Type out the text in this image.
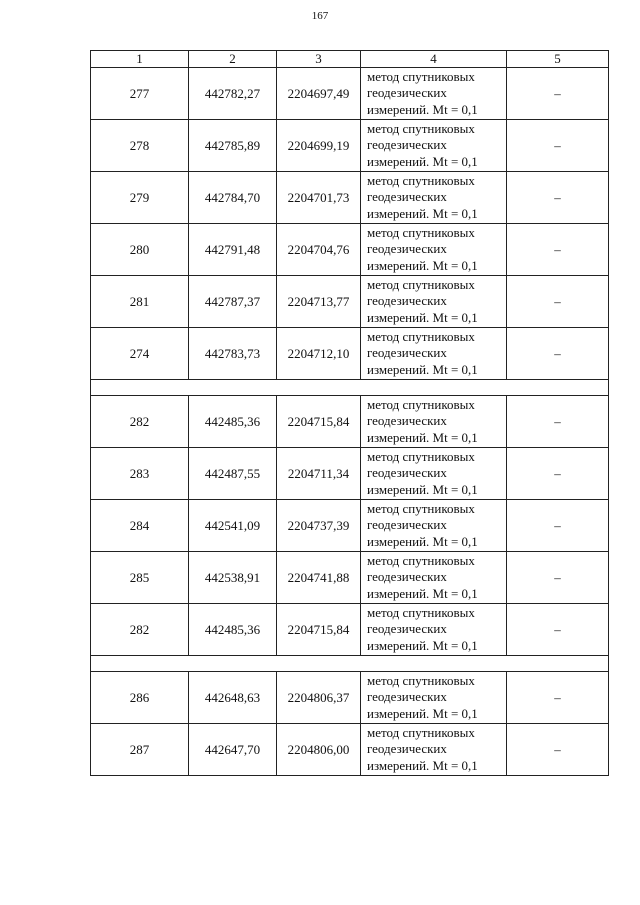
167
1	2	3	4	5
277	442782,27	2204697,49	метод спутниковых
геодезических
измерений. Mt = 0,1	–
278	442785,89	2204699,19	метод спутниковых
геодезических
измерений. Mt = 0,1	–
279	442784,70	2204701,73	метод спутниковых
геодезических
измерений. Mt = 0,1	–
280	442791,48	2204704,76	метод спутниковых
геодезических
измерений. Mt = 0,1	–
281	442787,37	2204713,77	метод спутниковых
геодезических
измерений. Mt = 0,1	–
274	442783,73	2204712,10	метод спутниковых
геодезических
измерений. Mt = 0,1	–

282	442485,36	2204715,84	метод спутниковых
геодезических
измерений. Mt = 0,1	–
283	442487,55	2204711,34	метод спутниковых
геодезических
измерений. Mt = 0,1	–
284	442541,09	2204737,39	метод спутниковых
геодезических
измерений. Mt = 0,1	–
285	442538,91	2204741,88	метод спутниковых
геодезических
измерений. Mt = 0,1	–
282	442485,36	2204715,84	метод спутниковых
геодезических
измерений. Mt = 0,1	–

286	442648,63	2204806,37	метод спутниковых
геодезических
измерений. Mt = 0,1	–
287	442647,70	2204806,00	метод спутниковых
геодезических
измерений. Mt = 0,1	–
